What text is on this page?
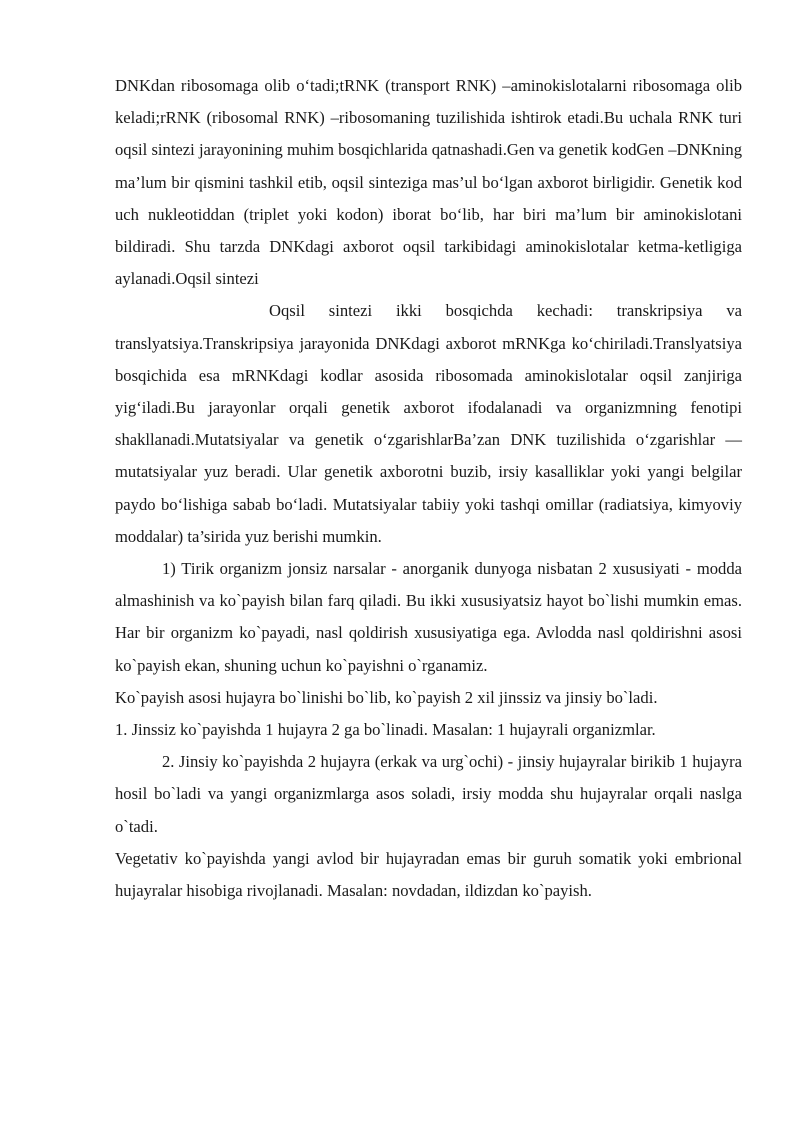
DNKdan ribosomaga olib o‘tadi;tRNK (transport RNK) –aminokislotalarni ribosomaga olib keladi;rRNK (ribosomal RNK) –ribosomaning tuzilishida ishtirok etadi.Bu uchala RNK turi oqsil sintezi jarayonining muhim bosqichlarida qatnashadi.Gen va genetik kodGen –DNKning ma’lum bir qismini tashkil etib, oqsil sinteziga mas’ul bo‘lgan axborot birligidir. Genetik kod uch nukleotiddan (triplet yoki kodon) iborat bo‘lib, har biri ma’lum bir aminokislotani bildiradi. Shu tarzda DNKdagi axborot oqsil tarkibidagi aminokislotalar ketma-ketligiga aylanadi.Oqsil sintezi

Oqsil sintezi ikki bosqichda kechadi: transkripsiya va translyatsiya.Transkripsiya jarayonida DNKdagi axborot mRNKga ko‘chiriladi.Translyatsiya bosqichida esa mRNKdagi kodlar asosida ribosomada aminokislotalar oqsil zanjiriga yig‘iladi.Bu jarayonlar orqali genetik axborot ifodalanadi va organizmning fenotipi shakllanadi.Mutatsiyalar va genetik o‘zgarishlarBa’zan DNK tuzilishida o‘zgarishlar —mutatsiyalar yuz beradi. Ular genetik axborotni buzib, irsiy kasalliklar yoki yangi belgilar paydo bo‘lishiga sabab bo‘ladi. Mutatsiyalar tabiiy yoki tashqi omillar (radiatsiya, kimyoviy moddalar) ta’sirida yuz berishi mumkin.

1) Tirik organizm jonsiz narsalar - anorganik dunyoga nisbatan 2 xususiyati - modda almashinish va ko`payish bilan farq qiladi. Bu ikki xususiyatsiz hayot bo`lishi mumkin emas. Har bir organizm ko`payadi, nasl qoldirish xususiyatiga ega. Avlodda nasl qoldirishni asosi ko`payish ekan, shuning uchun ko`payishni o`rganamiz.

Ko`payish asosi hujayra bo`linishi bo`lib, ko`payish 2 xil jinssiz va jinsiy bo`ladi.

1. Jinssiz ko`payishda 1 hujayra 2 ga bo`linadi. Masalan: 1 hujayrali organizmlar.

2. Jinsiy ko`payishda 2 hujayra (erkak va urg`ochi) - jinsiy hujayralar birikib 1 hujayra hosil bo`ladi va yangi organizmlarga asos soladi, irsiy modda shu hujayralar orqali naslga o`tadi.

Vegetativ ko`payishda yangi avlod bir hujayradan emas bir guruh somatik yoki embrional hujayralar hisobiga rivojlanadi. Masalan: novdadan, ildizdan ko`payish.
